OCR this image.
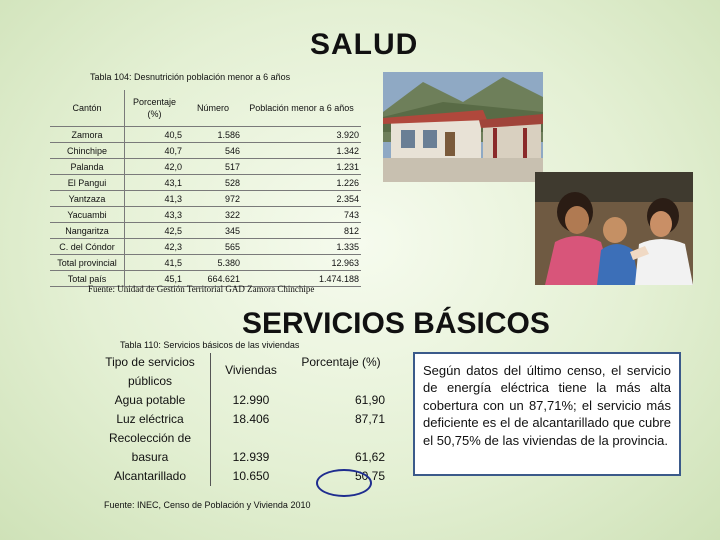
SALUD
Tabla 104: Desnutrición población menor a 6 años
Cantón	Porcentaje (%)	Número	Población menor a 6 años
Zamora	40,5	1.586	3.920
Chinchipe	40,7	546	1.342
Palanda	42,0	517	1.231
El Pangui	43,1	528	1.226
Yantzaza	41,3	972	2.354
Yacuambi	43,3	322	743
Nangaritza	42,5	345	812
C. del Cóndor	42,3	565	1.335
Total provincial	41,5	5.380	12.963
Total país	45,1	664.621	1.474.188
Fuente: Unidad de Gestión Territorial GAD Zamora Chinchipe
SERVICIOS BÁSICOS
Tabla 110: Servicios básicos de las viviendas
Tipo de servicios públicos	Viviendas	Porcentaje (%)
Agua potable	12.990	61,90
Luz eléctrica	18.406	87,71
Recolección de basura	12.939	61,62
Alcantarillado	10.650	50,75
Fuente: INEC, Censo de Población y Vivienda 2010
Según datos del último censo, el servicio de energía eléctrica tiene la más alta cobertura con un 87,71%; el servicio más deficiente es el de alcantarillado que cubre el 50,75% de las viviendas de la provincia.
